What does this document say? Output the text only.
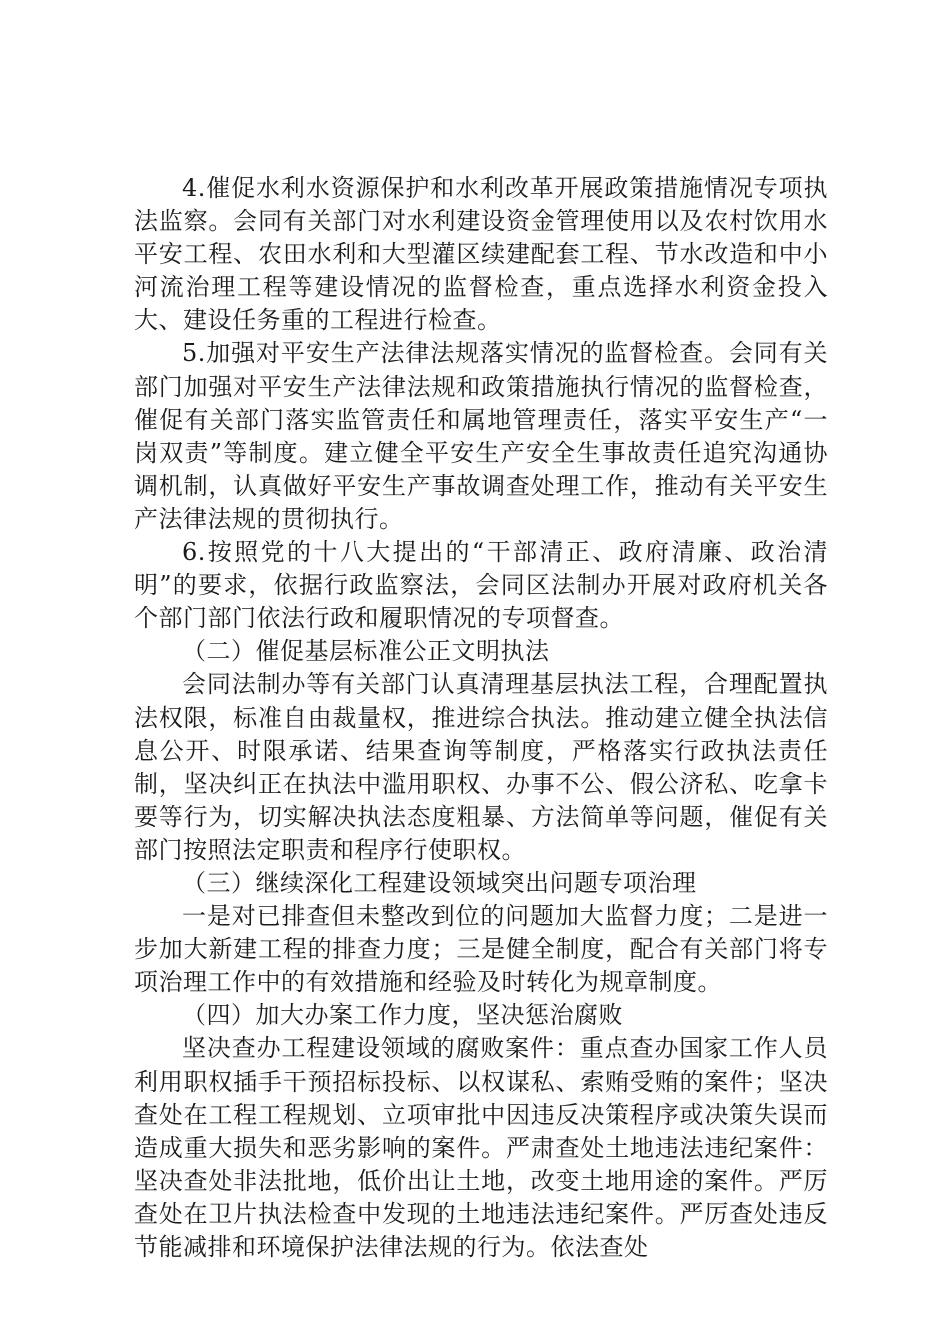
4.催促水利水资源保护和水利改革开展政策措施情况专项执法监察。会同有关部门对水利建设资金管理使用以及农村饮用水平安工程、农田水利和大型灌区续建配套工程、节水改造和中小河流治理工程等建设情况的监督检查，重点选择水利资金投入大、建设任务重的工程进行检查。

5.加强对平安生产法律法规落实情况的监督检查。会同有关部门加强对平安生产法律法规和政策措施执行情况的监督检查，催促有关部门落实监管责任和属地管理责任，落实平安生产“一岗双责”等制度。建立健全平安生产安全生事故责任追究沟通协调机制，认真做好平安生产事故调查处理工作，推动有关平安生产法律法规的贯彻执行。

6.按照党的十八大提出的“干部清正、政府清廉、政治清明”的要求，依据行政监察法，会同区法制办开展对政府机关各个部门部门依法行政和履职情况的专项督查。

（二）催促基层标准公正文明执法

会同法制办等有关部门认真清理基层执法工程，合理配置执法权限，标准自由裁量权，推进综合执法。推动建立健全执法信息公开、时限承诺、结果查询等制度，严格落实行政执法责任制，坚决纠正在执法中滥用职权、办事不公、假公济私、吃拿卡要等行为，切实解决执法态度粗暴、方法简单等问题，催促有关部门按照法定职责和程序行使职权。

（三）继续深化工程建设领域突出问题专项治理

一是对已排查但未整改到位的问题加大监督力度；二是进一步加大新建工程的排查力度；三是健全制度，配合有关部门将专项治理工作中的有效措施和经验及时转化为规章制度。

（四）加大办案工作力度，坚决惩治腐败

坚决查办工程建设领域的腐败案件：重点查办国家工作人员利用职权插手干预招标投标、以权谋私、索贿受贿的案件；坚决查处在工程工程规划、立项审批中因违反决策程序或决策失误而造成重大损失和恶劣影响的案件。严肃查处土地违法违纪案件：坚决查处非法批地，低价出让土地，改变土地用途的案件。严厉查处在卫片执法检查中发现的土地违法违纪案件。严厉查处违反节能减排和环境保护法律法规的行为。依法查处
